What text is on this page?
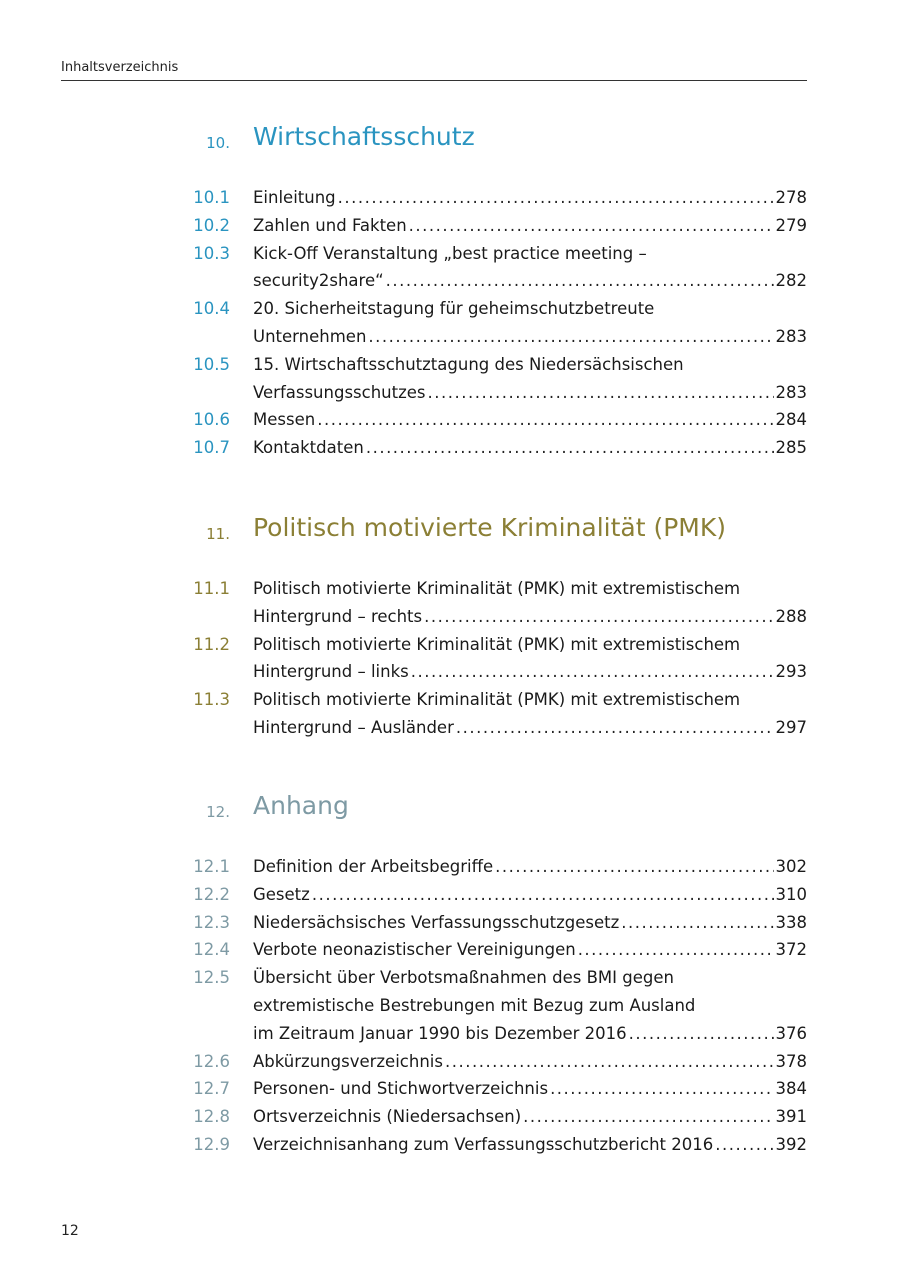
Inhaltsverzeichnis
10. Wirtschaftsschutz
10.1 Einleitung .....	278
10.2 Zahlen und Fakten .....	279
10.3 Kick-Off Veranstaltung „best practice meeting –
security2share“ .....	282
10.4 20. Sicherheitstagung für geheimschutzbetreute
Unternehmen .....	283
10.5 15. Wirtschaftsschutztagung des Niedersächsischen
Verfassungsschutzes .....	283
10.6 Messen .....	284
10.7 Kontaktdaten .....	285
11. Politisch motivierte Kriminalität (PMK)
11.1 Politisch motivierte Kriminalität (PMK) mit extremistischem
Hintergrund – rechts .....	288
11.2 Politisch motivierte Kriminalität (PMK) mit extremistischem
Hintergrund – links .....	293
11.3 Politisch motivierte Kriminalität (PMK) mit extremistischem
Hintergrund – Ausländer .....	297
12. Anhang
12.1 Definition der Arbeitsbegriffe .....	302
12.2 Gesetz .....	310
12.3 Niedersächsisches Verfassungsschutzgesetz .....	338
12.4 Verbote neonazistischer Vereinigungen .....	372
12.5 Übersicht über Verbotsmaßnahmen des BMI gegen
extremistische Bestrebungen mit Bezug zum Ausland
im Zeitraum Januar 1990 bis Dezember 2016 .....	376
12.6 Abkürzungsverzeichnis .....	378
12.7 Personen- und Stichwortverzeichnis .....	384
12.8 Ortsverzeichnis (Niedersachsen) .....	391
12.9 Verzeichnisanhang zum Verfassungsschutzbericht 2016 .....	392
12
